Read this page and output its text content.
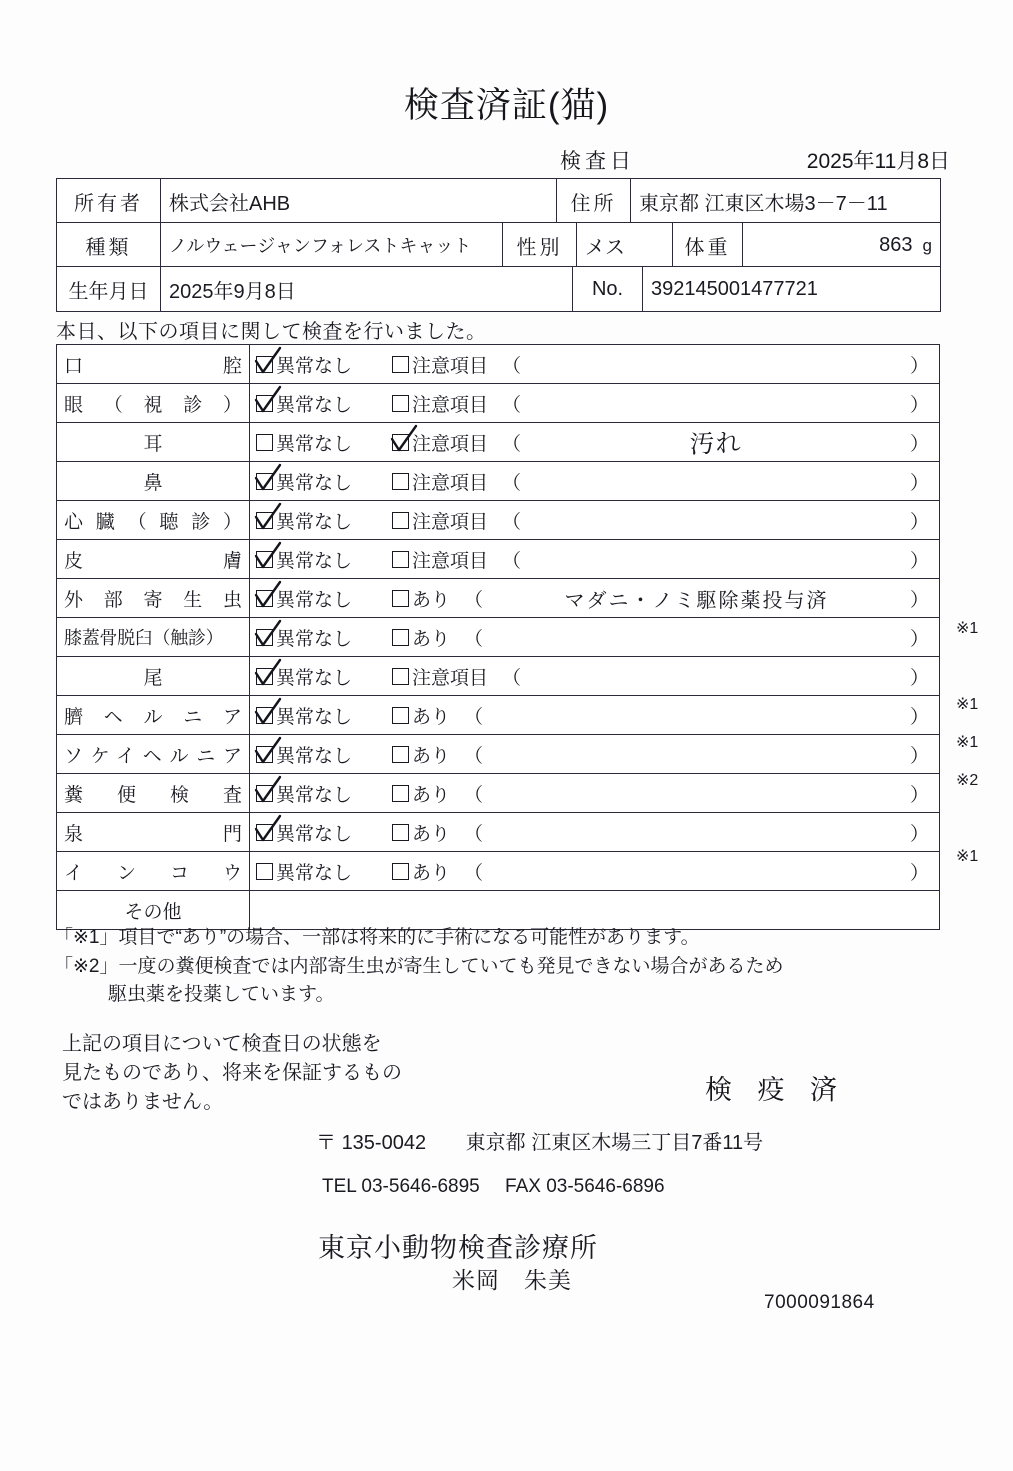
検査済証(猫)
検査日	2025年11月8日
所有者	株式会社AHB	住所	東京都 江東区木場3－7－11
種類	ノルウェージャンフォレストキャット	性別	メス	体重	863 g
生年月日	2025年9月8日	No.	392145001477721
本日、以下の項目に関して検査を行いました。
口腔	異常なし 注意項目 （ ）

眼（視診）	異常なし 注意項目 （ ）

耳	異常なし 注意項目 （ 汚れ ）

鼻	異常なし 注意項目 （ ）

心臓（聴診）	異常なし 注意項目 （ ）

皮膚	異常なし 注意項目 （ ）

外部寄生虫	異常なし あり （ マダニ・ノミ駆除薬投与済 ）

膝蓋骨脱臼（触診）	異常なし あり （ ）

尾	異常なし 注意項目 （ ）

臍ヘルニア	異常なし あり （ ）

ソケイヘルニア	異常なし あり （ ）

糞便検査	異常なし あり （ ）

泉門	異常なし あり （ ）

インコウ	異常なし あり （ ）

その他	
※1
※1
※1
※2
※1
「※1」項目で“あり”の場合、一部は将来的に手術になる可能性があります。
「※2」一度の糞便検査では内部寄生虫が寄生していても発見できない場合があるため
駆虫薬を投薬しています。
上記の項目について検査日の状態を
見たものであり、将来を保証するもの
ではありません。	検 疫 済
〒 135-0042 東京都 江東区木場三丁目7番11号
TEL 03-5646-6895 FAX 03-5646-6896
東京小動物検査診療所
米岡　朱美
7000091864
